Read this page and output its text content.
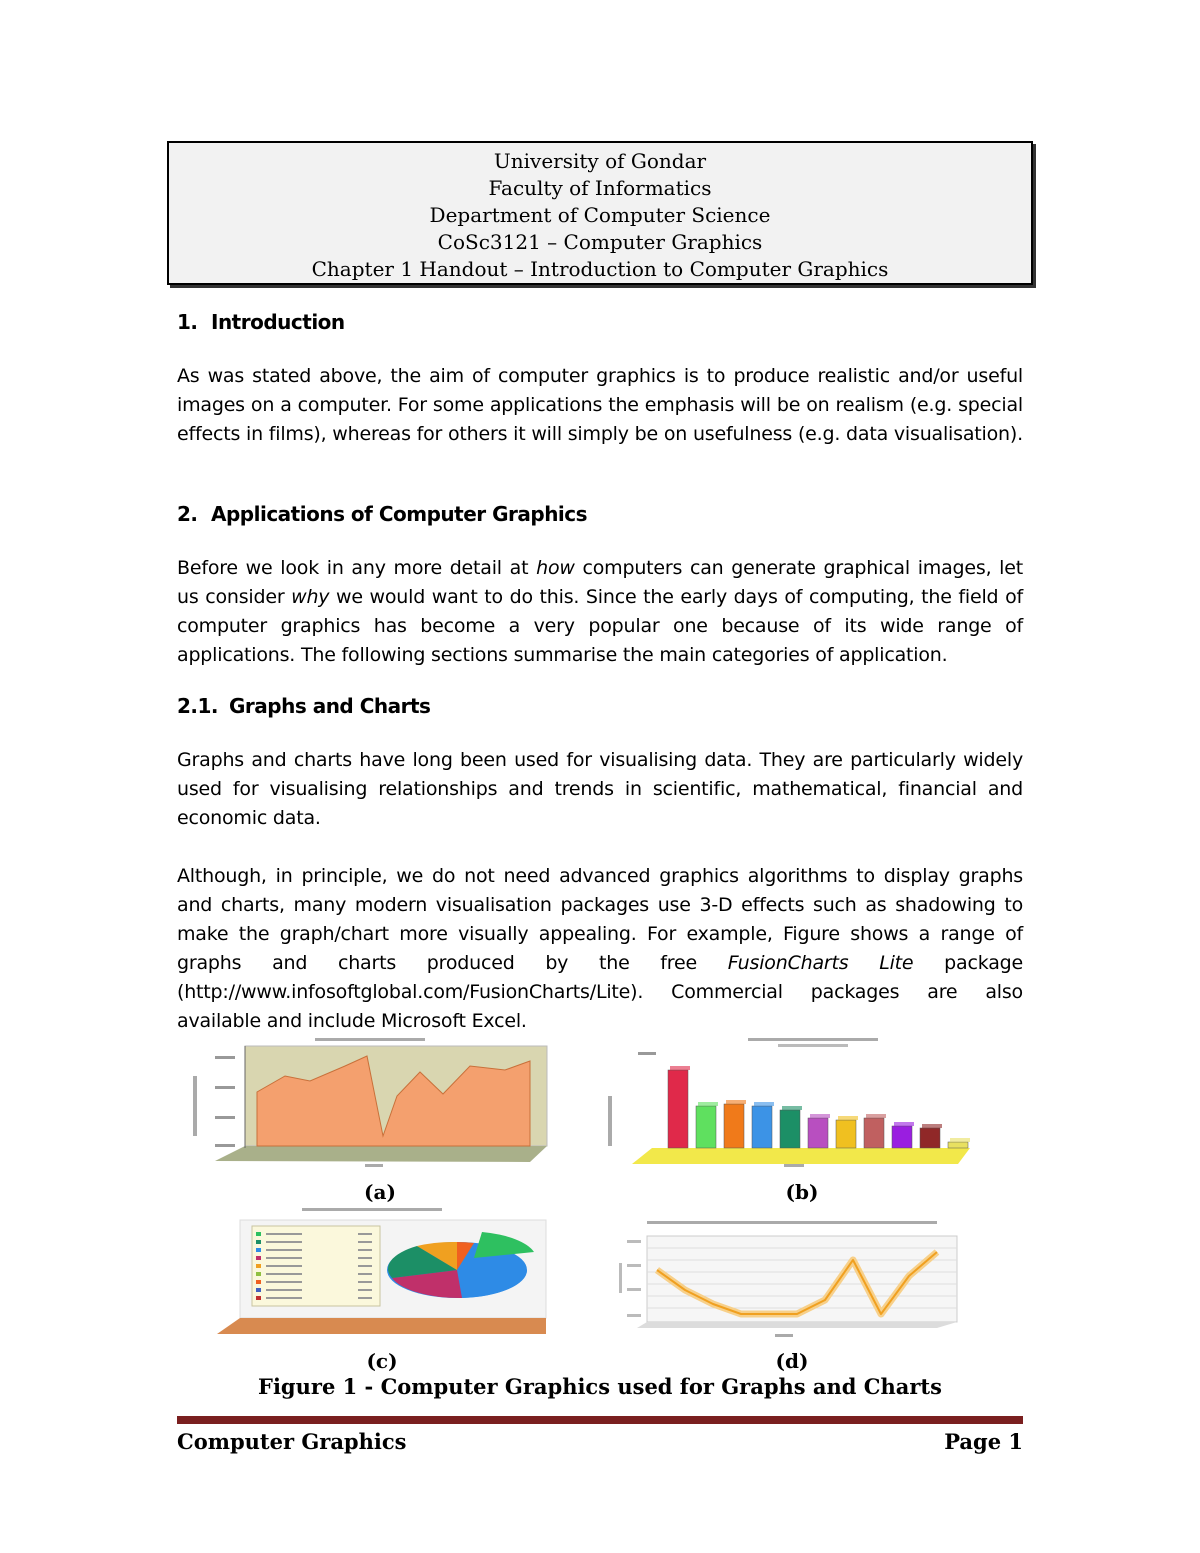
University of Gondar
Faculty of Informatics
Department of Computer Science
CoSc3121 – Computer Graphics
Chapter 1 Handout – Introduction to Computer Graphics
1. Introduction
As was stated above, the aim of computer graphics is to produce realistic and/or useful images on a computer. For some applications the emphasis will be on realism (e.g. special effects in films), whereas for others it will simply be on usefulness (e.g. data visualisation).
2. Applications of Computer Graphics
Before we look in any more detail at how computers can generate graphical images, let us consider why we would want to do this. Since the early days of computing, the field of computer graphics has become a very popular one because of its wide range of applications. The following sections summarise the main categories of application.
2.1. Graphs and Charts
Graphs and charts have long been used for visualising data. They are particularly widely used for visualising relationships and trends in scientific, mathematical, financial and economic data.
Although, in principle, we do not need advanced graphics algorithms to display graphs and charts, many modern visualisation packages use 3-D effects such as shadowing to make the graph/chart more visually appealing. For example, Figure shows a range of graphs and charts produced by the free FusionCharts Lite package (http://www.infosoftglobal.com/FusionCharts/Lite). Commercial packages are also available and include Microsoft Excel.
(a)	(b)
(c)	(d)
Figure 1 - Computer Graphics used for Graphs and Charts
Computer Graphics	Page 1
